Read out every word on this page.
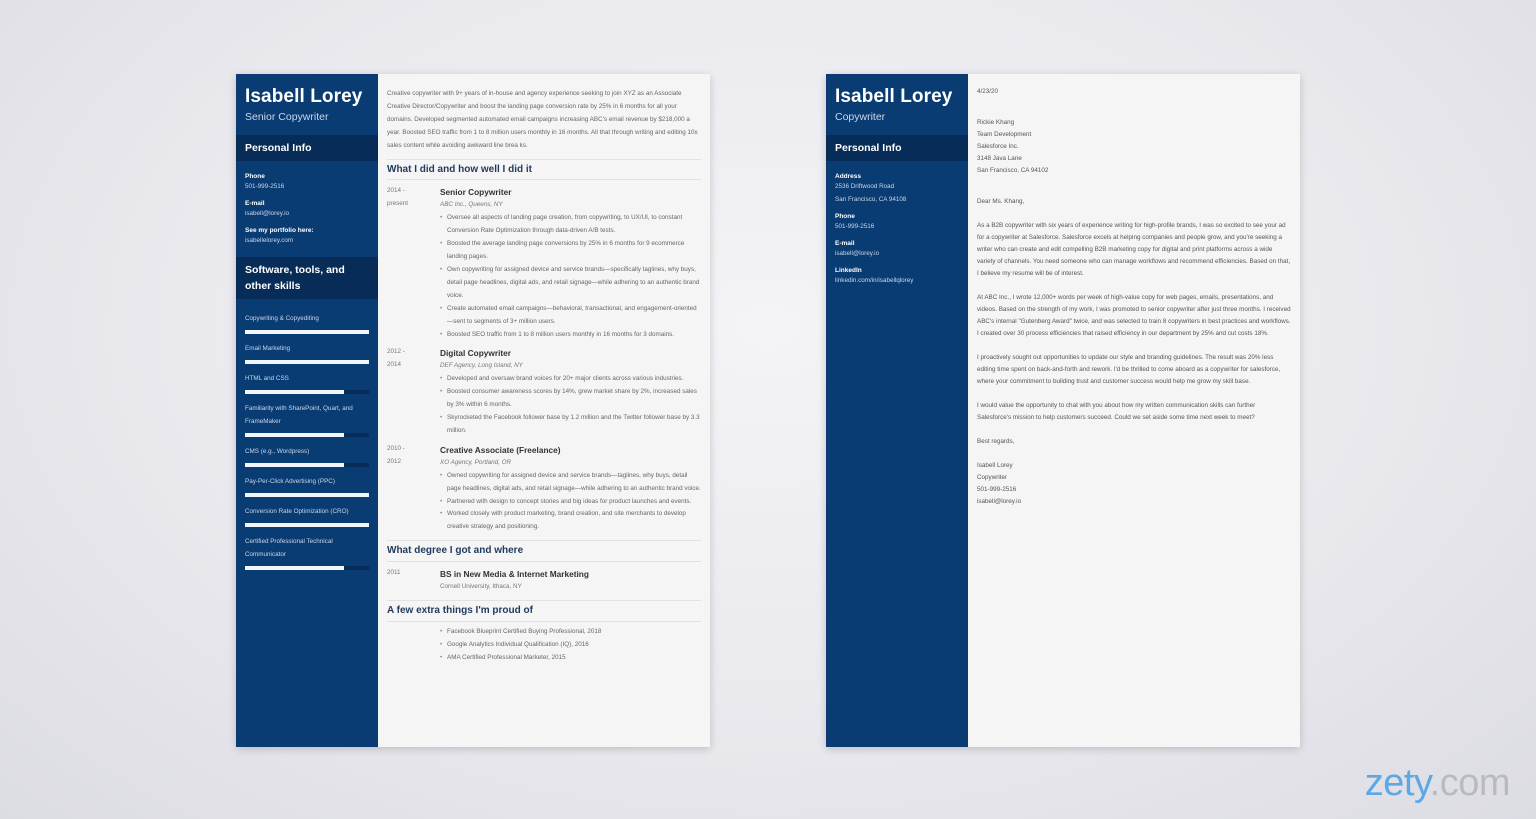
Isabell Lorey
Senior Copywriter
Personal Info
Phone
501-999-2516
E-mail
isabell@lorey.io
See my portfolio here:
isabellelorey.com
Software, tools, and other skills
Copywriting & Copyediting
Email Marketing
HTML and CSS
Familiarity with SharePoint, Quart, and FrameMaker
CMS (e.g., Wordpress)
Pay-Per-Click Advertising (PPC)
Conversion Rate Optimization (CRO)
Certified Professional Technical Communicator
Creative copywriter with 9+ years of in-house and agency experience seeking to join XYZ as an Associate Creative Director/Copywriter and boost the landing page conversion rate by 25% in 6 months for all your domains. Developed segmented automated email campaigns increasing ABC's email revenue by $218,000 a year. Boosted SEO traffic from 1 to 8 million users monthly in 16 months. All that through writing and editing 10x sales content while avoiding awkward line brea ks.
What I did and how well I did it
2014 -
present
Senior Copywriter
ABC Inc., Queens, NY
• Oversee all aspects of landing page creation, from copywriting, to UX/UI, to constant Conversion Rate Optimization through data-driven A/B tests.
• Boosted the average landing page conversions by 25% in 6 months for 9 ecommerce landing pages.
• Own copywriting for assigned device and service brands—specifically taglines, why buys, detail page headlines, digital ads, and retail signage—while adhering to an authentic brand voice.
• Create automated email campaigns—behavioral, transactional, and engagement-oriented—sent to segments of 3+ million users.
• Boosted SEO traffic from 1 to 8 million users monthly in 16 months for 3 domains.
2012 -
2014
Digital Copywriter
DEF Agency, Long Island, NY
• Developed and oversaw brand voices for 20+ major clients across various industries.
• Boosted consumer awareness scores by 14%, grew market share by 2%, increased sales by 3% within 6 months.
• Skyrocketed the Facebook follower base by 1.2 million and the Twitter follower base by 3.3 million.
2010 -
2012
Creative Associate (Freelance)
XO Agency, Portland, OR
• Owned copywriting for assigned device and service brands—taglines, why buys, detail page headlines, digital ads, and retail signage—while adhering to an authentic brand voice.
• Partnered with design to concept stories and big ideas for product launches and events.
• Worked closely with product marketing, brand creation, and site merchants to develop creative strategy and positioning.
What degree I got and where
2011	BS in New Media & Internet Marketing
Cornell University, Ithaca, NY
A few extra things I'm proud of
• Facebook Blueprint Certified Buying Professional, 2018
• Google Analytics Individual Qualification (IQ), 2016
• AMA Certified Professional Marketer, 2015
Isabell Lorey
Copywriter
Personal Info
Address
2536 Driftwood Road
San Francisco, CA 94108
Phone
501-999-2516
E-mail
isabell@lorey.io
LinkedIn
linkedin.com/in/isabellqlorey
4/23/20
Rickie Khang
Team Development
Salesforce Inc.
3148 Java Lane
San Francisco, CA 94102

Dear Ms. Khang,

As a B2B copywriter with six years of experience writing for high-profile brands, I was so excited to see your ad for a copywriter at Salesforce. Salesforce excels at helping companies and people grow, and you're seeking a writer who can create and edit compelling B2B marketing copy for digital and print platforms across a wide variety of channels. You need someone who can manage workflows and recommend efficiencies. Based on that, I believe my resume will be of interest.

At ABC Inc., I wrote 12,000+ words per week of high-value copy for web pages, emails, presentations, and videos. Based on the strength of my work, I was promoted to senior copywriter after just three months. I received ABC's internal "Gutenberg Award" twice, and was selected to train 8 copywriters in best practices and workflows. I created over 30 process efficiencies that raised efficiency in our department by 25% and cut costs 18%.

I proactively sought out opportunities to update our style and branding guidelines. The result was 20% less editing time spent on back-and-forth and rework. I'd be thrilled to come aboard as a copywriter for salesforce, where your commitment to building trust and customer success would help me grow my skill base.

I would value the opportunity to chat with you about how my written communication skills can further Salesforce's mission to help customers succeed. Could we set aside some time next week to meet?

Best regards,

Isabell Lorey
Copywriter
501-999-2516
isabell@lorey.io
zety.com
